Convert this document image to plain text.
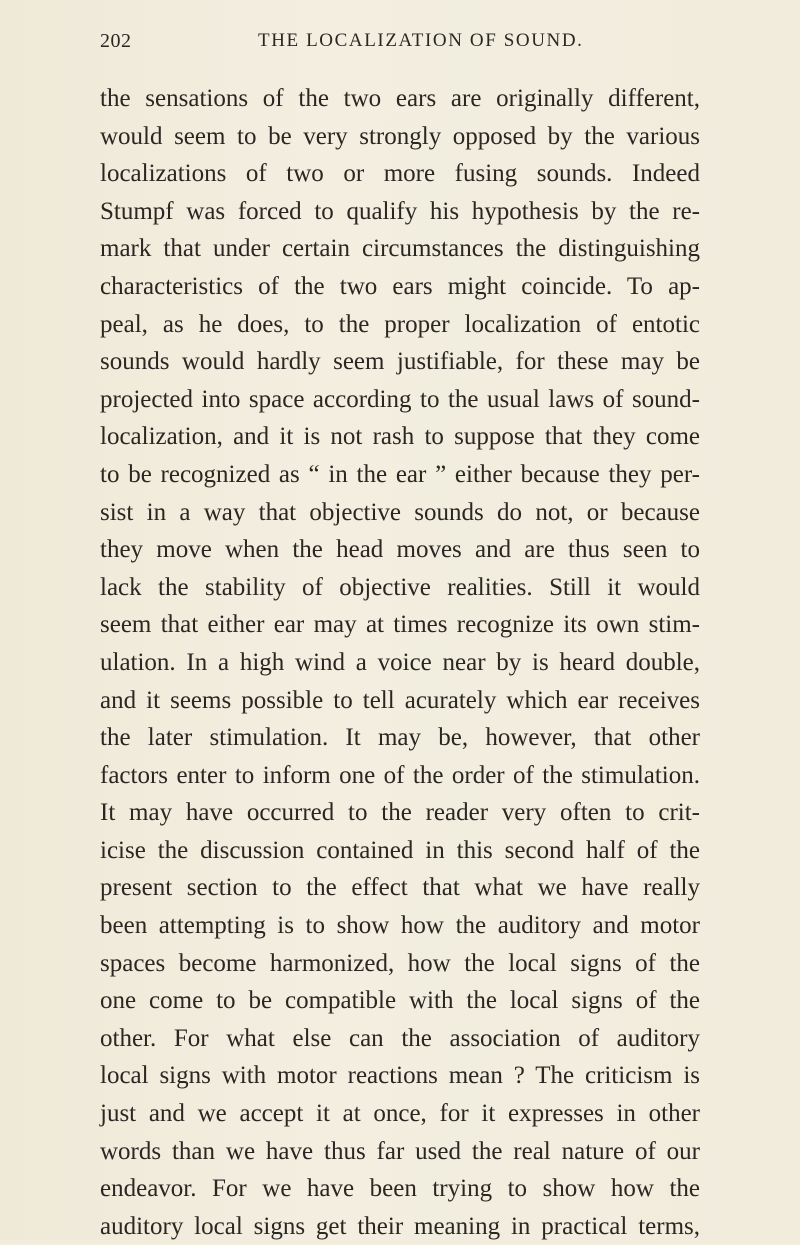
202	THE LOCALIZATION OF SOUND.
the sensations of the two ears are originally different,
would seem to be very strongly opposed by the various
localizations of two or more fusing sounds. Indeed
Stumpf was forced to qualify his hypothesis by the re-
mark that under certain circumstances the distinguishing
characteristics of the two ears might coincide. To ap-
peal, as he does, to the proper localization of entotic
sounds would hardly seem justifiable, for these may be
projected into space according to the usual laws of sound-
localization, and it is not rash to suppose that they come
to be recognized as “ in the ear ” either because they per-
sist in a way that objective sounds do not, or because
they move when the head moves and are thus seen to
lack the stability of objective realities. Still it would
seem that either ear may at times recognize its own stim-
ulation. In a high wind a voice near by is heard double,
and it seems possible to tell acurately which ear receives
the later stimulation. It may be, however, that other
factors enter to inform one of the order of the stimulation.
It may have occurred to the reader very often to crit-
icise the discussion contained in this second half of the
present section to the effect that what we have really
been attempting is to show how the auditory and motor
spaces become harmonized, how the local signs of the
one come to be compatible with the local signs of the
other. For what else can the association of auditory
local signs with motor reactions mean ? The criticism is
just and we accept it at once, for it expresses in other
words than we have thus far used the real nature of our
endeavor. For we have been trying to show how the
auditory local signs get their meaning in practical terms,
